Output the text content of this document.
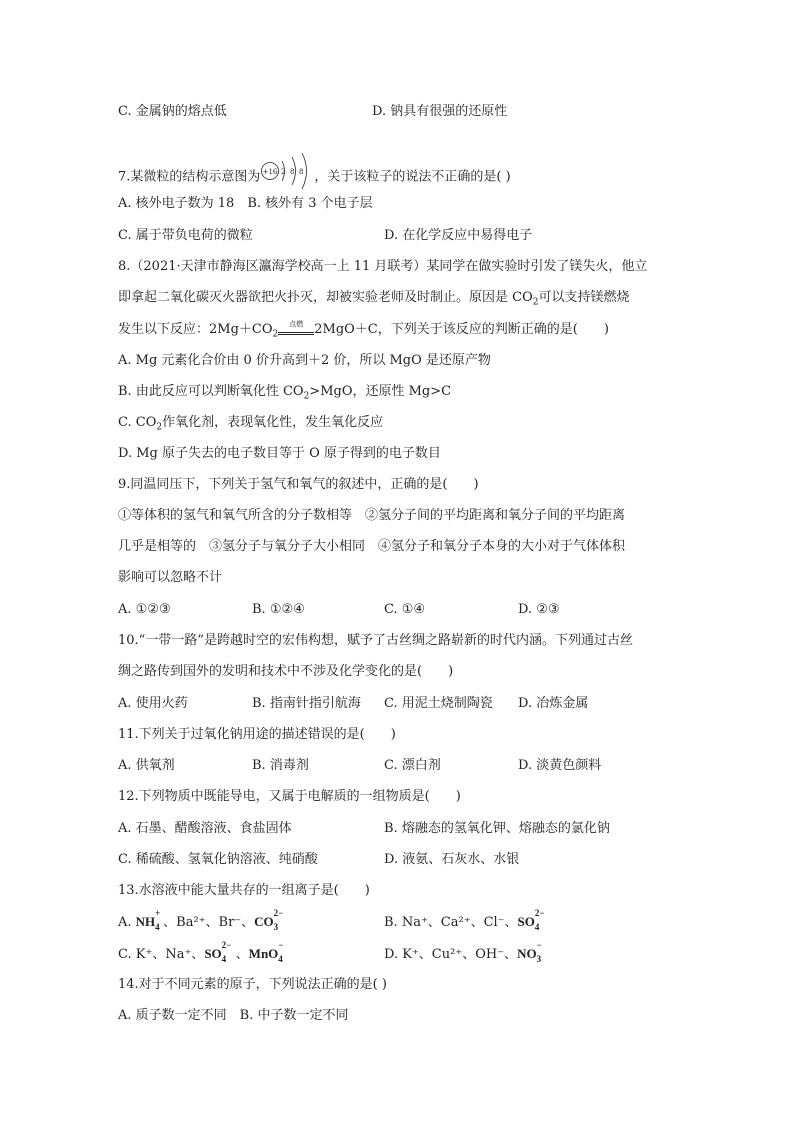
C. 金属钠的熔点低	D. 钠具有很强的还原性
7.某微粒的结构示意图为 +16 2 8 8 ，关于该粒子的说法不正确的是( )
A. 核外电子数为 18　B. 核外有 3 个电子层
C. 属于带负电荷的微粒	D. 在化学反应中易得电子
8.（2021·天津市静海区瀛海学校高一上 11 月联考）某同学在做实验时引发了镁失火，他立
即拿起二氧化碳灭火器欲把火扑灭，却被实验老师及时制止。原因是 $CO_2$可以支持镁燃烧
发生以下反应：$2Mg+CO_2$
点燃 2MgO＋C，下列关于该反应的判断正确的是(　　)
A. Mg 元素化合价由 0 价升高到＋2 价，所以 MgO 是还原产物
B. 由此反应可以判断氧化性 $CO_2>MgO$，还原性 Mg>C
C. $CO_2$作氧化剂，表现氧化性，发生氧化反应
D. Mg 原子失去的电子数目等于 O 原子得到的电子数目
9.同温同压下，下列关于氢气和氧气的叙述中，正确的是(　　)
①等体积的氢气和氧气所含的分子数相等　②氢分子间的平均距离和氧分子间的平均距离
几乎是相等的　③氢分子与氧分子大小相同　④氢分子和氧分子本身的大小对于气体体积
影响可以忽略不计
A. ①②③	B. ①②④	C. ①④	D. ②③
10.“一带一路”是跨越时空的宏伟构想，赋予了古丝绸之路崭新的时代内涵。下列通过古丝
绸之路传到国外的发明和技术中不涉及化学变化的是(　　)
A. 使用火药	B. 指南针指引航海 C. 用泥土烧制陶瓷 D. 冶炼金属
11.下列关于过氧化钠用途的描述错误的是(　　)
A. 供氧剂	B. 消毒剂	C. 漂白剂	D. 淡黄色颜料
12.下列物质中既能导电，又属于电解质的一组物质是(　　)
A. 石墨、醋酸溶液、食盐固体	B. 熔融态的氢氧化钾、熔融态的氯化钠
C. 稀硫酸、氢氧化钠溶液、纯硝酸	D. 液氨、石灰水、水银
13.水溶液中能大量共存的一组离子是(　　)
A. NH
+
4 、Ba²⁺、Br⁻、CO
2−
3	B. Na⁺、Ca²⁺、Cl⁻、SO
2−
4
C. K⁺、Na⁺、SO
2−
4 、MnO
−
4	D. K⁺、Cu²⁺、OH⁻、NO
−
3
14.对于不同元素的原子，下列说法正确的是( )
A. 质子数一定不同　B. 中子数一定不同
